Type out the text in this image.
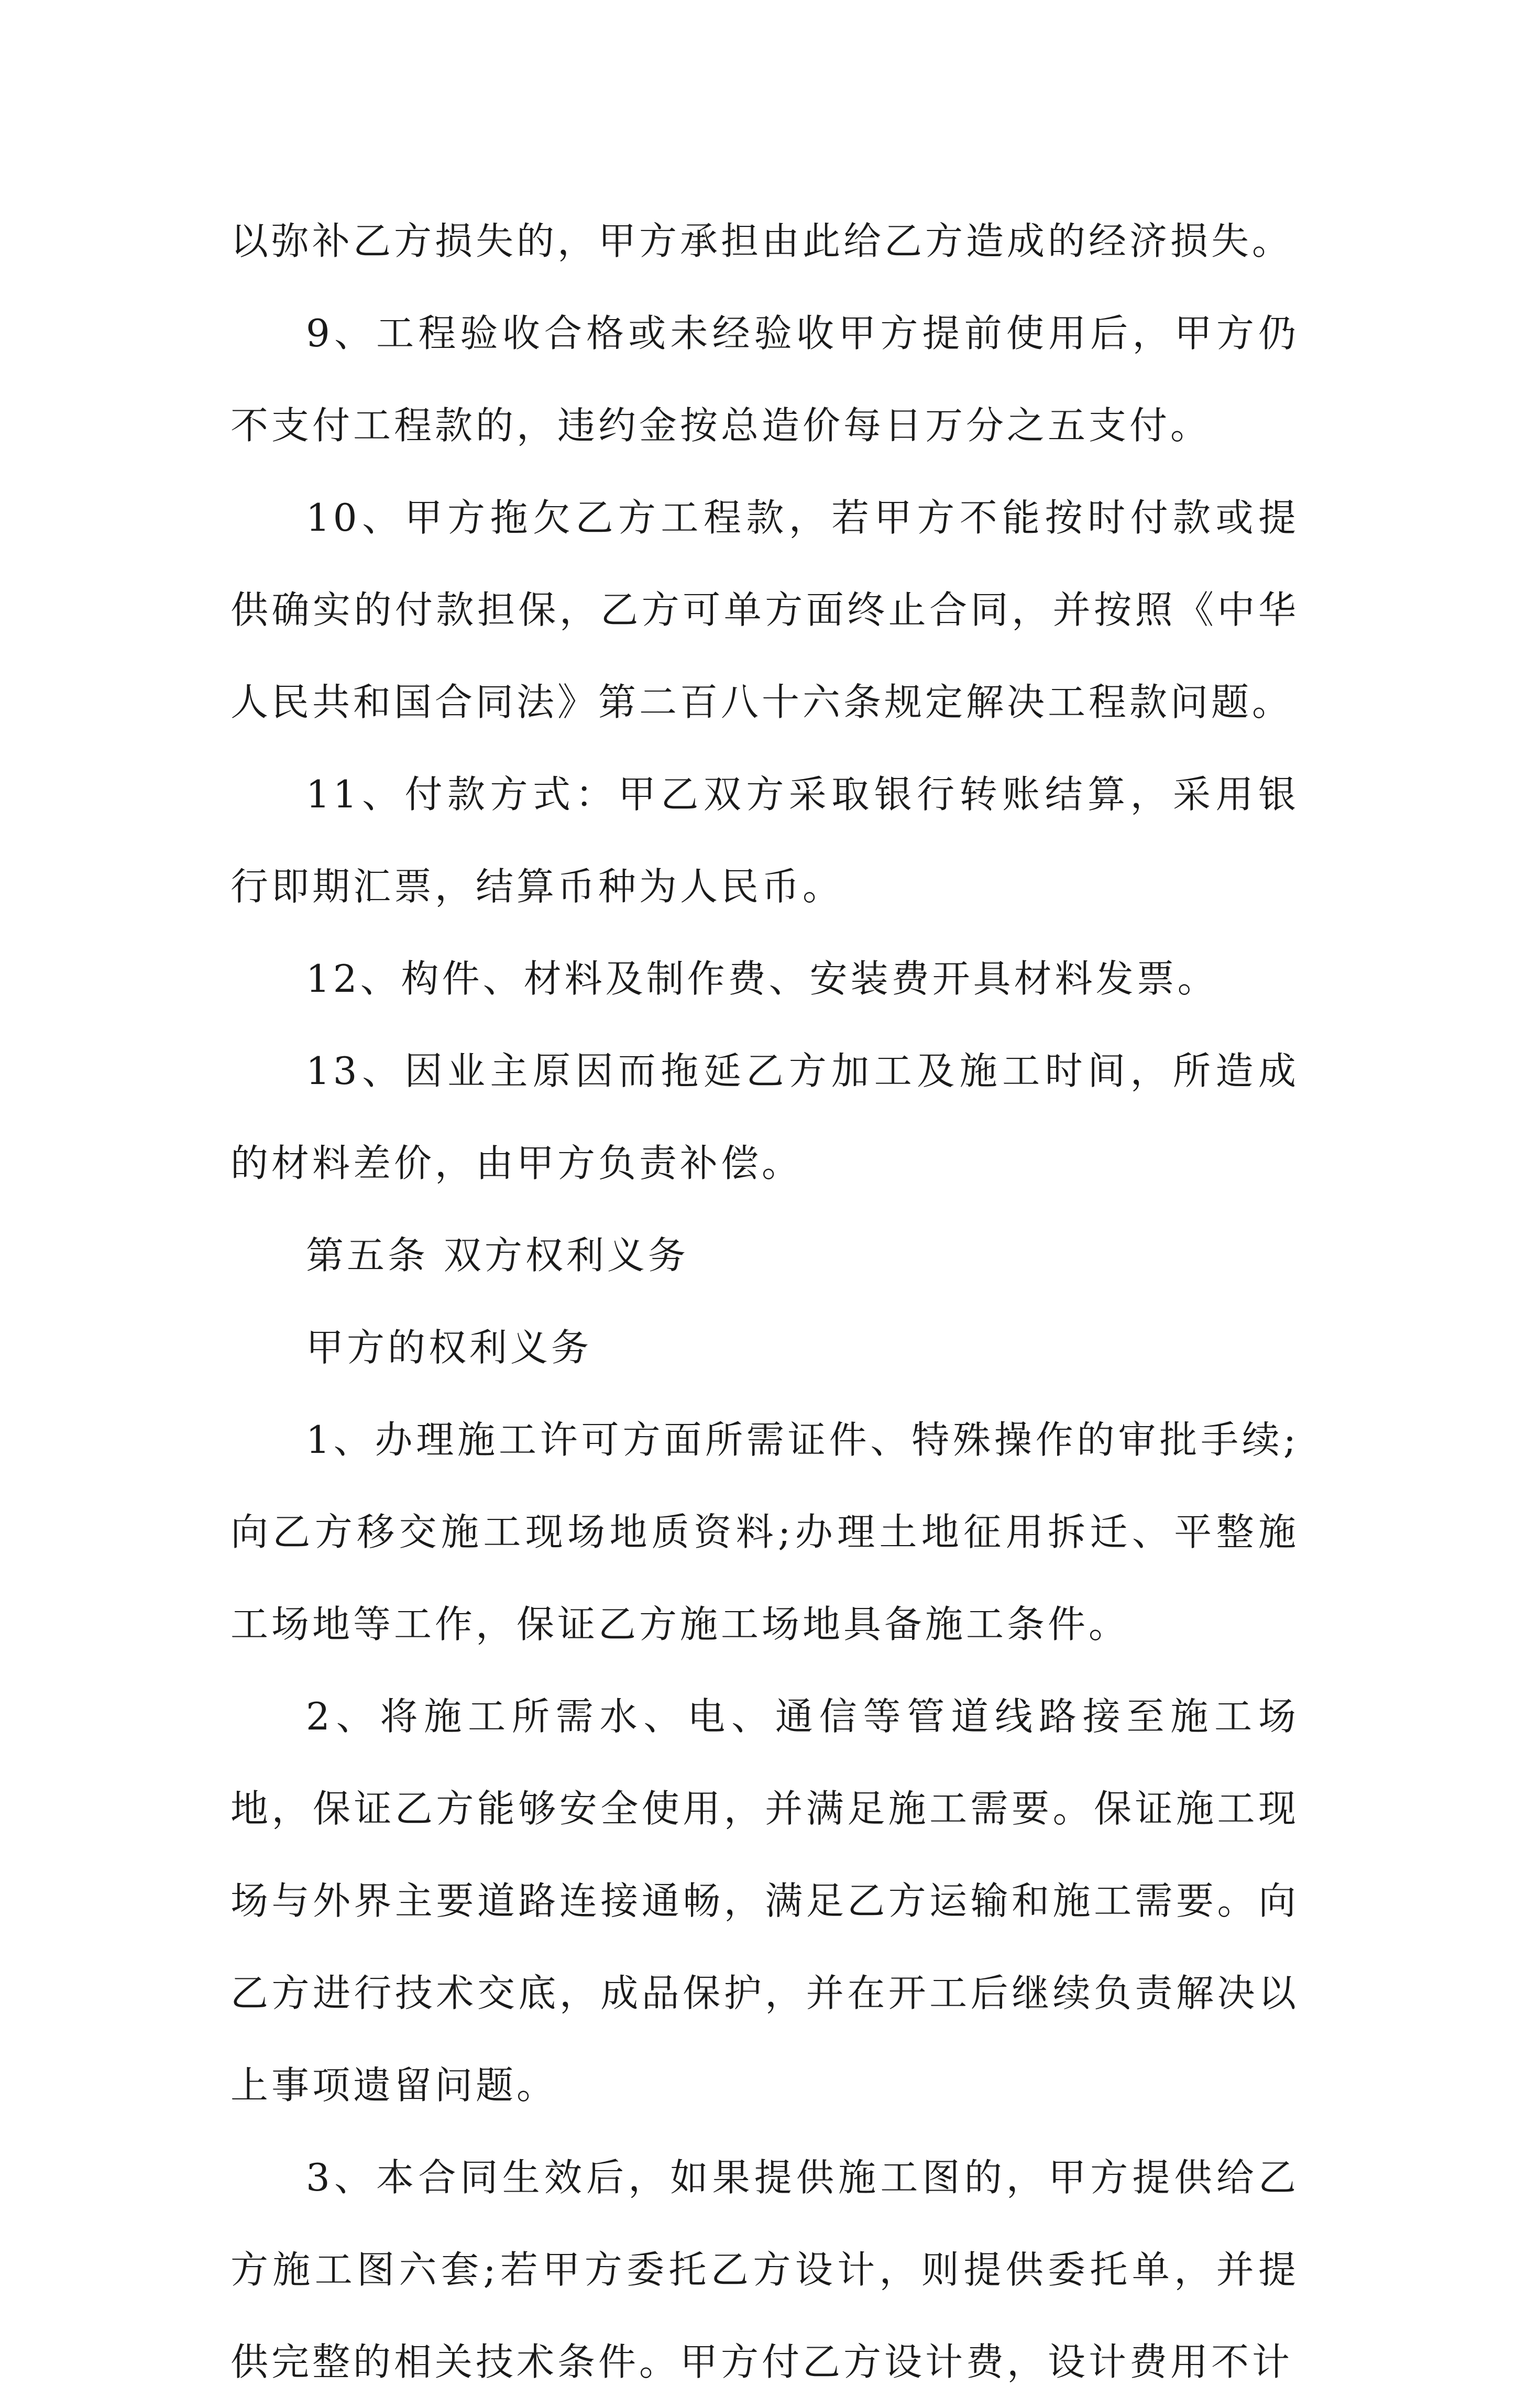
以弥补乙方损失的，甲方承担由此给乙方造成的经济损失。

9、工程验收合格或未经验收甲方提前使用后，甲方仍不支付工程款的，违约金按总造价每日万分之五支付。

10、甲方拖欠乙方工程款，若甲方不能按时付款或提供确实的付款担保，乙方可单方面终止合同，并按照《中华人民共和国合同法》第二百八十六条规定解决工程款问题。

11、付款方式：甲乙双方采取银行转账结算，采用银行即期汇票，结算币种为人民币。

12、构件、材料及制作费、安装费开具材料发票。

13、因业主原因而拖延乙方加工及施工时间，所造成的材料差价，由甲方负责补偿。

第五条 双方权利义务

甲方的权利义务

1、办理施工许可方面所需证件、特殊操作的审批手续;向乙方移交施工现场地质资料;办理土地征用拆迁、平整施工场地等工作，保证乙方施工场地具备施工条件。

2、将施工所需水、电、通信等管道线路接至施工场地，保证乙方能够安全使用，并满足施工需要。保证施工现场与外界主要道路连接通畅，满足乙方运输和施工需要。向乙方进行技术交底，成品保护，并在开工后继续负责解决以上事项遗留问题。

3、本合同生效后，如果提供施工图的，甲方提供给乙方施工图六套;若甲方委托乙方设计，则提供委托单，并提供完整的相关技术条件。甲方付乙方设计费，设计费用不计
